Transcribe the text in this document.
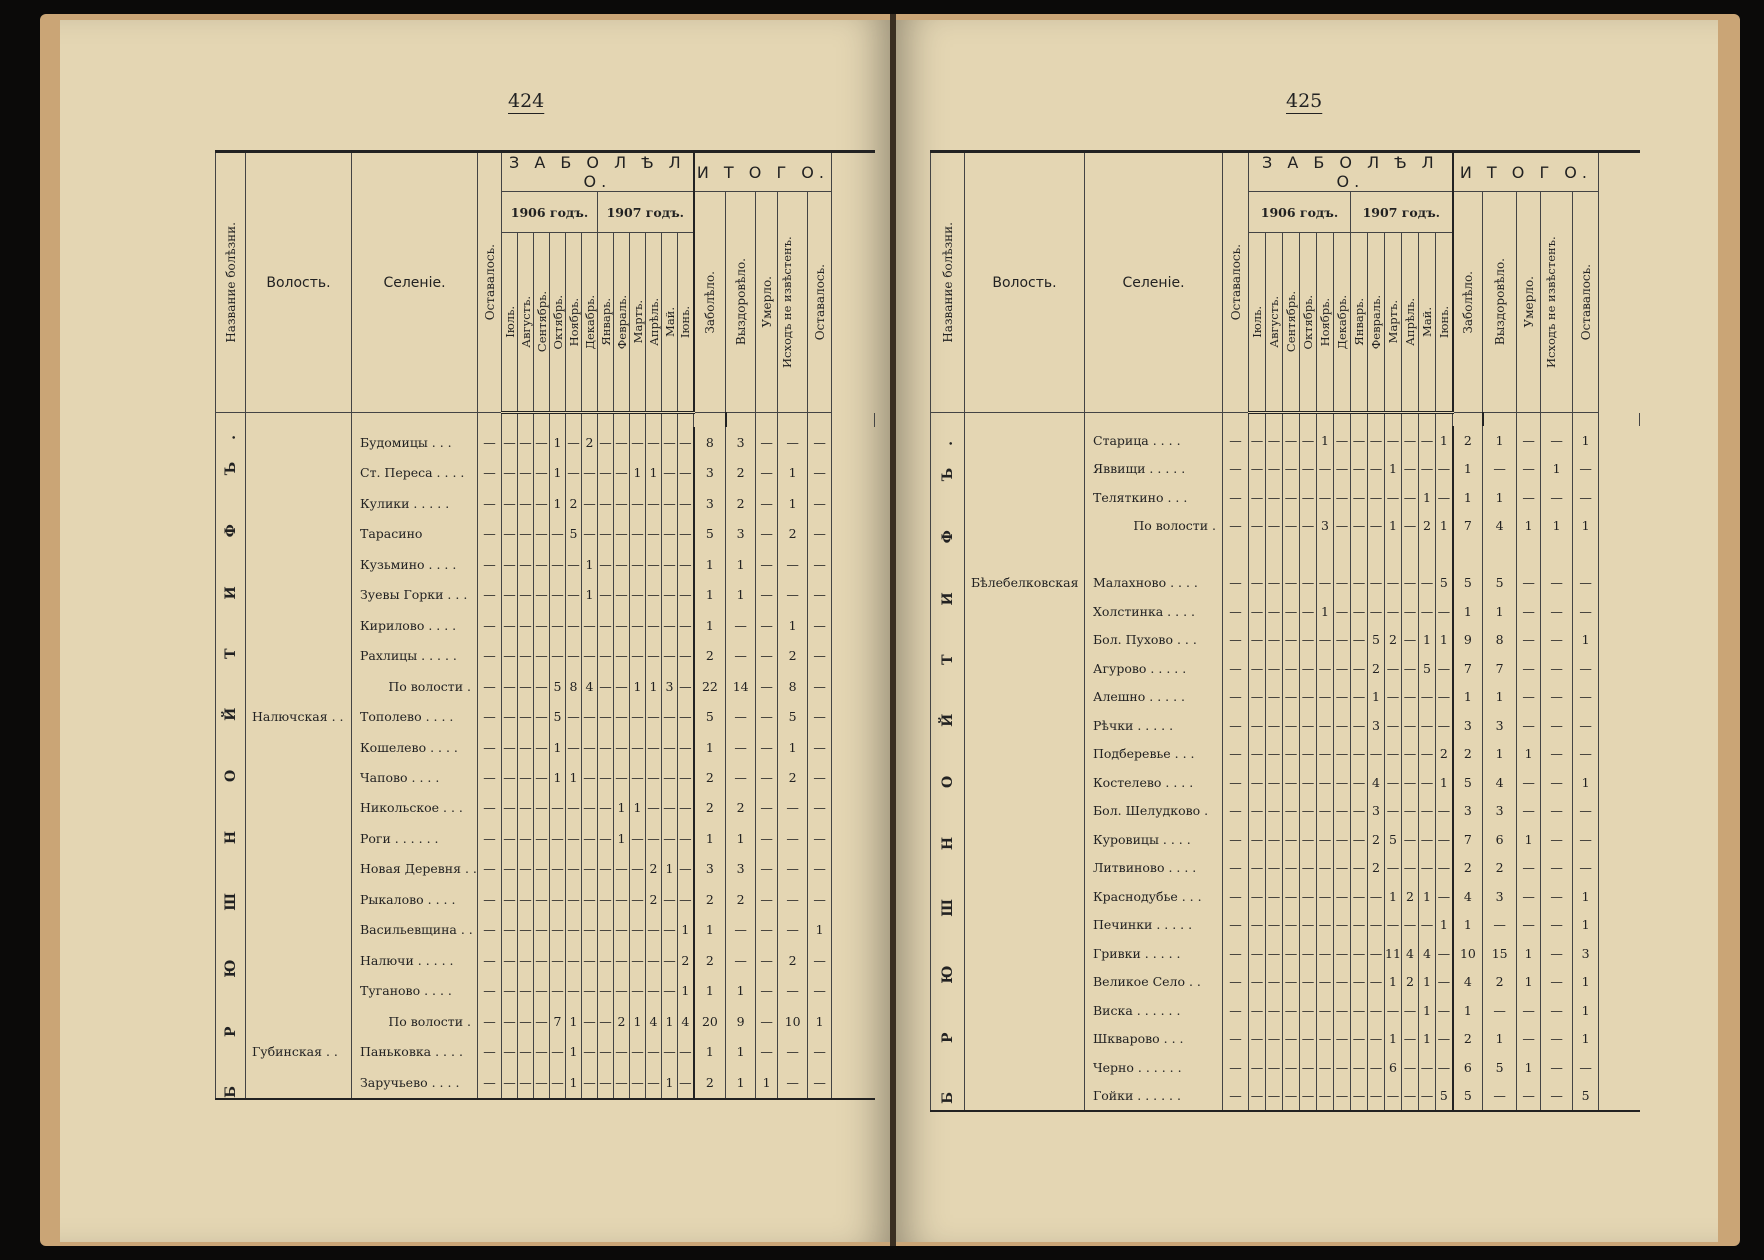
424
Название болѣзни.	Волость.	Селеніе.	Оставалось.	З А Б О Л Ѣ Л О.												И Т О Г О.					
				1906 годъ.						1907 годъ.						Заболѣло.	Выздоровѣло.	Умерло.	Исходъ не извѣстенъ.	Оставалось.	

				Іюль.	Августъ.	Сентябрь.	Октябрь.	Ноябрь.	Декабрь.	Январь.	Февраль.	Мартъ.	Апрѣль.	Май.	Іюнь.						

Б Р Ю Ш Н О Й Т И Ф Ъ.																					

		Будомицы . . .	—	—	—	—	1	—	2	—	—	—	—	—	—	8	3	—	—	—	
		Ст. Переса . . . .	—	—	—	—	1	—	—	—	—	1	1	—	—	3	2	—	1	—	
		Кулики . . . . .	—	—	—	—	1	2	—	—	—	—	—	—	—	3	2	—	1	—	
		Тарасино	—	—	—	—	—	5	—	—	—	—	—	—	—	5	3	—	2	—	
		Кузьмино . . . .	—	—	—	—	—	—	1	—	—	—	—	—	—	1	1	—	—	—	
		Зуевы Горки . . .	—	—	—	—	—	—	1	—	—	—	—	—	—	1	1	—	—	—	
		Кирилово . . . .	—	—	—	—	—	—	—	—	—	—	—	—	—	1	—	—	1	—	
		Рахлицы . . . . .	—	—	—	—	—	—	—	—	—	—	—	—	—	2	—	—	2	—	
		По волости .	—	—	—	—	5	8	4	—	—	1	1	3	—	22	14	—	8	—	
	Налючская . .	Тополево . . . .	—	—	—	—	5	—	—	—	—	—	—	—	—	5	—	—	5	—	
		Кошелево . . . .	—	—	—	—	1	—	—	—	—	—	—	—	—	1	—	—	1	—	
		Чапово . . . .	—	—	—	—	1	1	—	—	—	—	—	—	—	2	—	—	2	—	
		Никольское . . .	—	—	—	—	—	—	—	—	1	1	—	—	—	2	2	—	—	—	
		Роги . . . . . .	—	—	—	—	—	—	—	—	1	—	—	—	—	1	1	—	—	—	
		Новая Деревня . .	—	—	—	—	—	—	—	—	—	—	2	1	—	3	3	—	—	—	
		Рыкалово . . . .	—	—	—	—	—	—	—	—	—	—	2	—	—	2	2	—	—	—	
		Васильевщина . .	—	—	—	—	—	—	—	—	—	—	—	—	1	1	—	—	—	1	
		Налючи . . . . .	—	—	—	—	—	—	—	—	—	—	—	—	2	2	—	—	2	—	
		Туганово . . . .	—	—	—	—	—	—	—	—	—	—	—	—	1	1	1	—	—	—	
		По волости .	—	—	—	—	7	1	—	—	2	1	4	1	4	20	9	—	10	1	
	Губинская . .	Паньковка . . . .	—	—	—	—	—	1	—	—	—	—	—	—	—	1	1	—	—	—	
		Заручьево . . . .	—	—	—	—	—	1	—	—	—	—	—	1	—	2	1	1	—	—	
425
Название болѣзни.	Волость.	Селеніе.	Оставалось.	З А Б О Л Ѣ Л О.												И Т О Г О.					
				1906 годъ.						1907 годъ.						Заболѣло.	Выздоровѣло.	Умерло.	Исходъ не извѣстенъ.	Оставалось.	

				Іюль.	Августъ.	Сентябрь.	Октябрь.	Ноябрь.	Декабрь.	Январь.	Февраль.	Мартъ.	Апрѣль.	Май.	Іюнь.						

Б Р Ю Ш Н О Й Т И Ф Ъ.																					

		Старица . . . .	—	—	—	—	—	1	—	—	—	—	—	—	1	2	1	—	—	1	
		Яввищи . . . . .	—	—	—	—	—	—	—	—	—	1	—	—	—	1	—	—	1	—	
		Теляткино . . .	—	—	—	—	—	—	—	—	—	—	—	1	—	1	1	—	—	—	
		По волости .	—	—	—	—	—	3	—	—	—	1	—	2	1	7	4	1	1	1	

	Бѣлебелковская	Малахново . . . .	—	—	—	—	—	—	—	—	—	—	—	—	5	5	5	—	—	—	
		Холстинка . . . .	—	—	—	—	—	1	—	—	—	—	—	—	—	1	1	—	—	—	
		Бол. Пухово . . .	—	—	—	—	—	—	—	—	5	2	—	1	1	9	8	—	—	1	
		Агурово . . . . .	—	—	—	—	—	—	—	—	2	—	—	5	—	7	7	—	—	—	
		Алешно . . . . .	—	—	—	—	—	—	—	—	1	—	—	—	—	1	1	—	—	—	
		Рѣчки . . . . .	—	—	—	—	—	—	—	—	3	—	—	—	—	3	3	—	—	—	
		Подберевье . . .	—	—	—	—	—	—	—	—	—	—	—	—	2	2	1	1	—	—	
		Костелево . . . .	—	—	—	—	—	—	—	—	4	—	—	—	1	5	4	—	—	1	
		Бол. Шелудково .	—	—	—	—	—	—	—	—	3	—	—	—	—	3	3	—	—	—	
		Куровицы . . . .	—	—	—	—	—	—	—	—	2	5	—	—	—	7	6	1	—	—	
		Литвиново . . . .	—	—	—	—	—	—	—	—	2	—	—	—	—	2	2	—	—	—	
		Краснодубье . . .	—	—	—	—	—	—	—	—	—	1	2	1	—	4	3	—	—	1	
		Печинки . . . . .	—	—	—	—	—	—	—	—	—	—	—	—	1	1	—	—	—	1	
		Гривки . . . . .	—	—	—	—	—	—	—	—	—	11	4	4	—	10	15	1	—	3	
		Великое Село . .	—	—	—	—	—	—	—	—	—	1	2	1	—	4	2	1	—	1	
		Виска . . . . . .	—	—	—	—	—	—	—	—	—	—	—	1	—	1	—	—	—	1	
		Шкварово . . .	—	—	—	—	—	—	—	—	—	1	—	1	—	2	1	—	—	1	
		Черно . . . . . .	—	—	—	—	—	—	—	—	—	6	—	—	—	6	5	1	—	—	
		Гойки . . . . . .	—	—	—	—	—	—	—	—	—	—	—	—	5	5	—	—	—	5	
